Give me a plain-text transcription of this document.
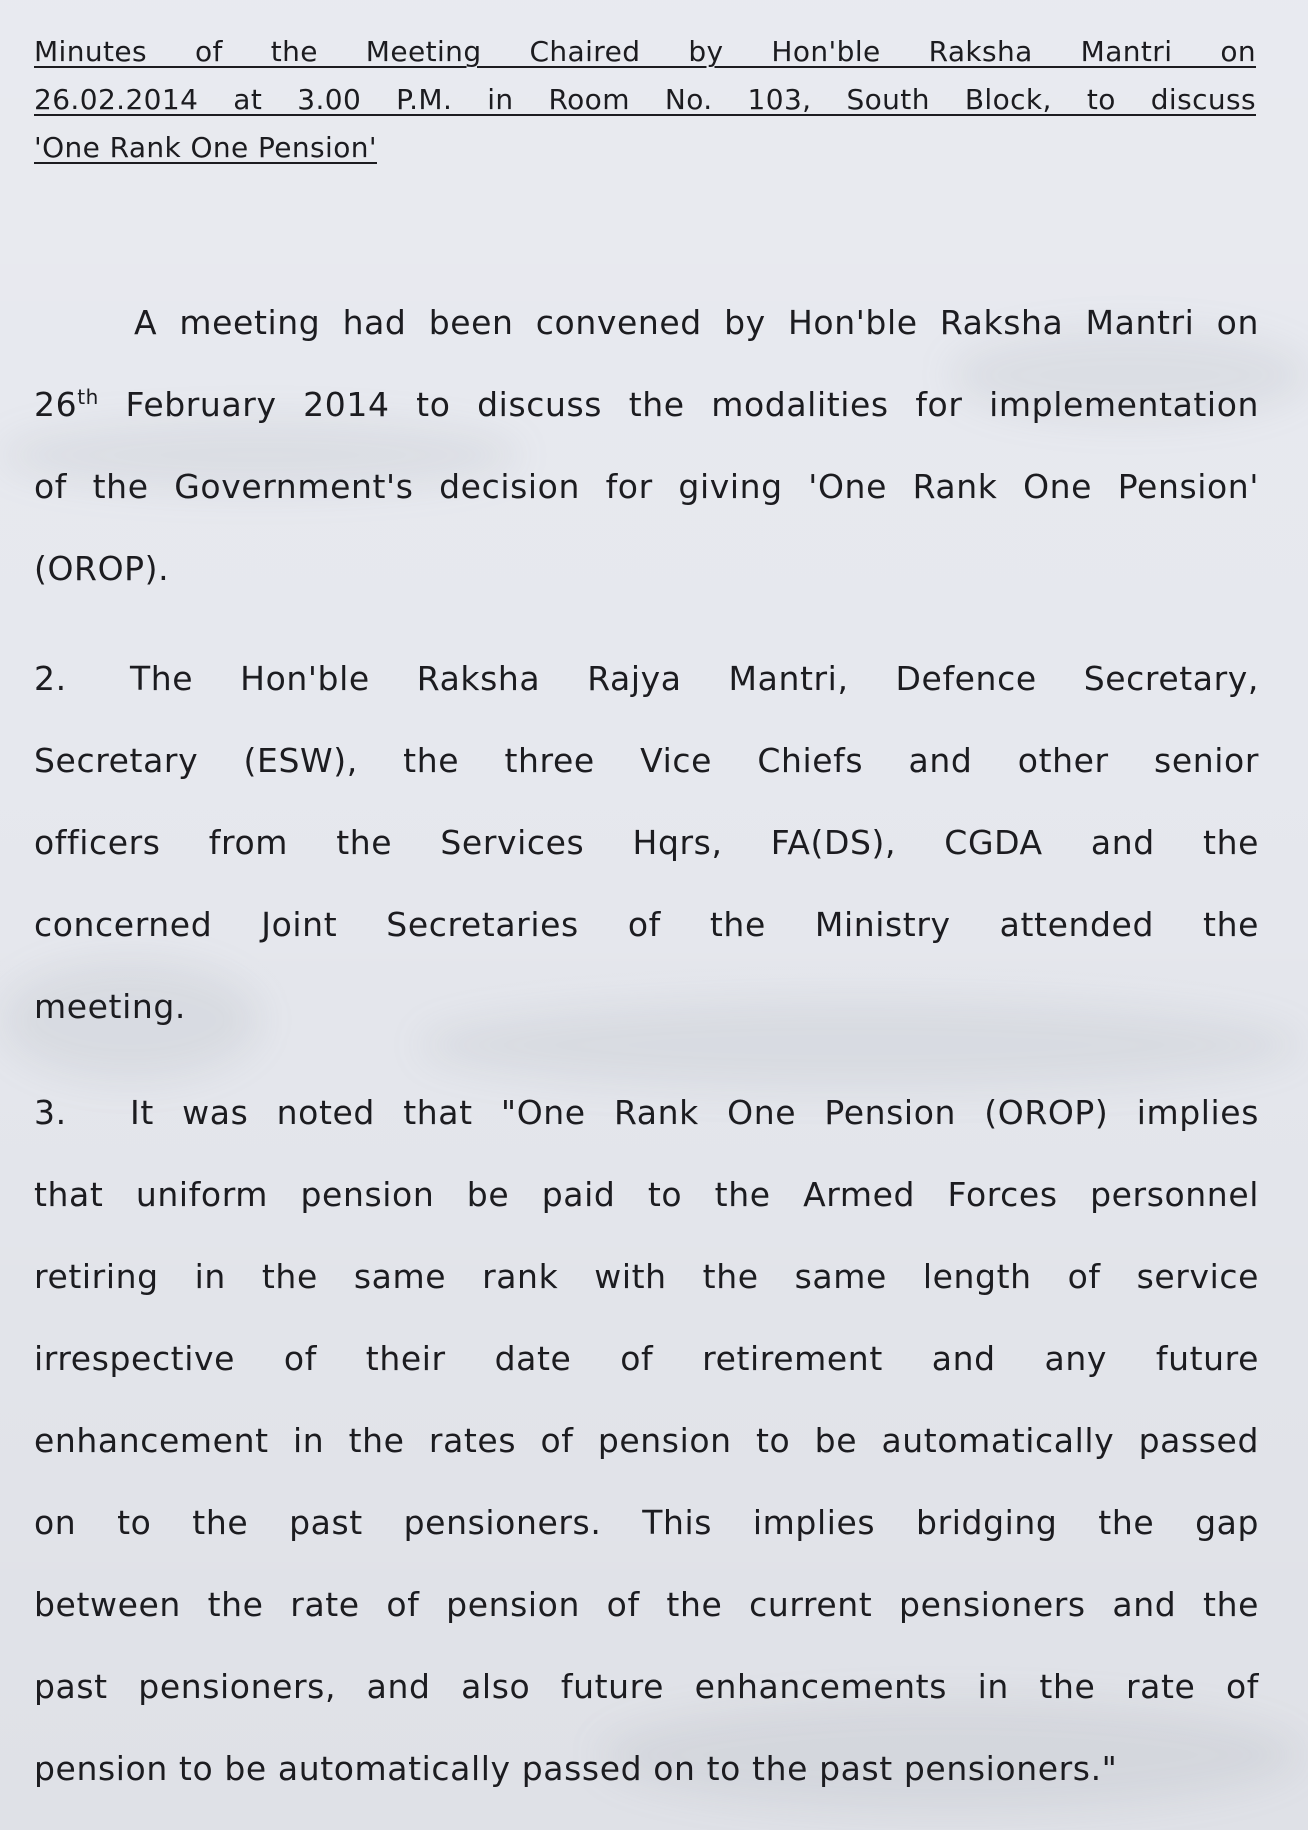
Minutes of the Meeting Chaired by Hon'ble Raksha Mantri on
26.02.2014 at 3.00 P.M. in Room No. 103, South Block, to discuss
'One Rank One Pension'
A meeting had been convened by Hon'ble Raksha Mantri on
26th February 2014 to discuss the modalities for implementation
of the Government's decision for giving 'One Rank One Pension'
(OROP).
2. The Hon'ble Raksha Rajya Mantri, Defence Secretary,
Secretary (ESW), the three Vice Chiefs and other senior
officers from the Services Hqrs, FA(DS), CGDA and the
concerned Joint Secretaries of the Ministry attended the
meeting.
3. It was noted that "One Rank One Pension (OROP) implies
that uniform pension be paid to the Armed Forces personnel
retiring in the same rank with the same length of service
irrespective of their date of retirement and any future
enhancement in the rates of pension to be automatically passed
on to the past pensioners. This implies bridging the gap
between the rate of pension of the current pensioners and the
past pensioners, and also future enhancements in the rate of
pension to be automatically passed on to the past pensioners."
